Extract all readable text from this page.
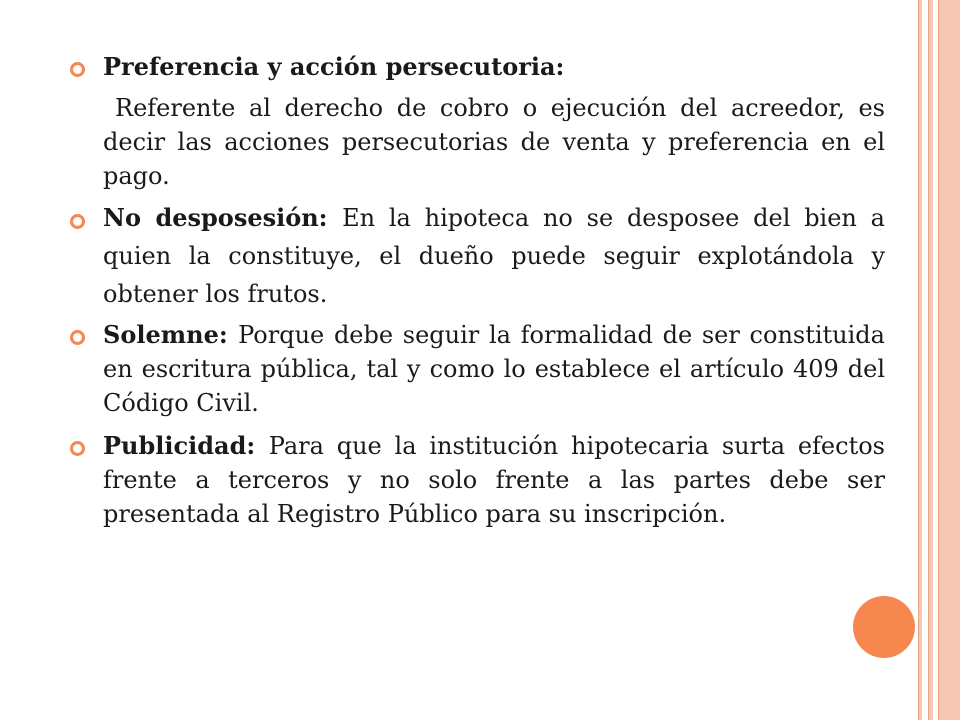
Preferencia y acción persecutoria:
Referente al derecho de cobro o ejecución del acreedor, es decir las acciones persecutorias de venta y preferencia en el pago.
No desposesión: En la hipoteca no se desposee del bien a quien la constituye, el dueño puede seguir explotándola y obtener los frutos.
Solemne: Porque debe seguir la formalidad de ser constituida en escritura pública, tal y como lo establece el artículo 409 del Código Civil.
Publicidad: Para que la institución hipotecaria surta efectos frente a terceros y no solo frente a las partes debe ser presentada al Registro Público para su inscripción.
